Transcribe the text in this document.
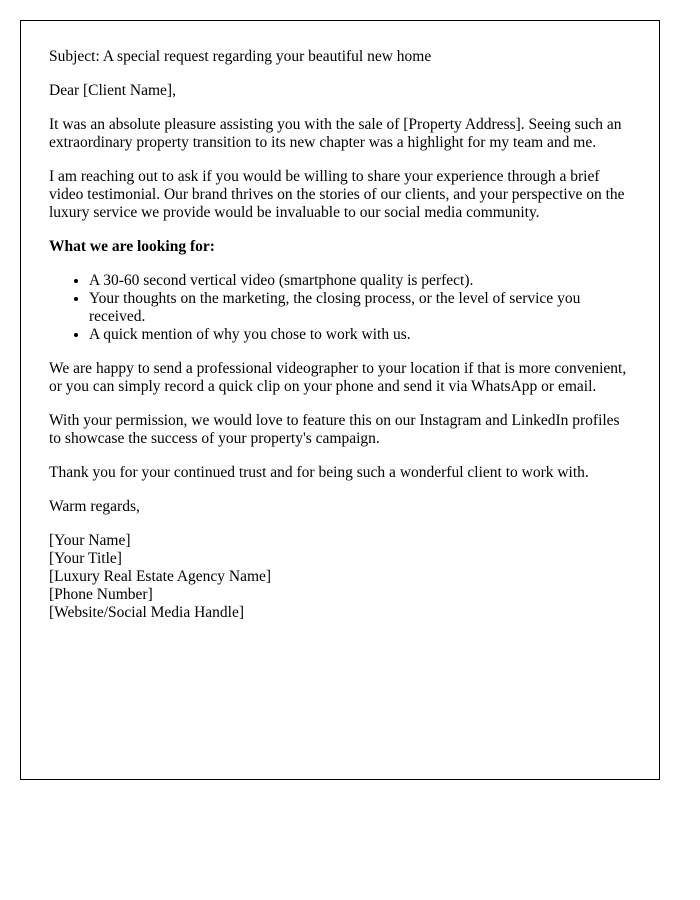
Subject: A special request regarding your beautiful new home

Dear [Client Name],

It was an absolute pleasure assisting you with the sale of [Property Address]. Seeing such an extraordinary property transition to its new chapter was a highlight for my team and me.

I am reaching out to ask if you would be willing to share your experience through a brief video testimonial. Our brand thrives on the stories of our clients, and your perspective on the luxury service we provide would be invaluable to our social media community.

What we are looking for:

• A 30-60 second vertical video (smartphone quality is perfect).
• Your thoughts on the marketing, the closing process, or the level of service you received.
• A quick mention of why you chose to work with us.

We are happy to send a professional videographer to your location if that is more convenient, or you can simply record a quick clip on your phone and send it via WhatsApp or email.

With your permission, we would love to feature this on our Instagram and LinkedIn profiles to showcase the success of your property's campaign.

Thank you for your continued trust and for being such a wonderful client to work with.

Warm regards,

[Your Name]
[Your Title]
[Luxury Real Estate Agency Name]
[Phone Number]
[Website/Social Media Handle]
